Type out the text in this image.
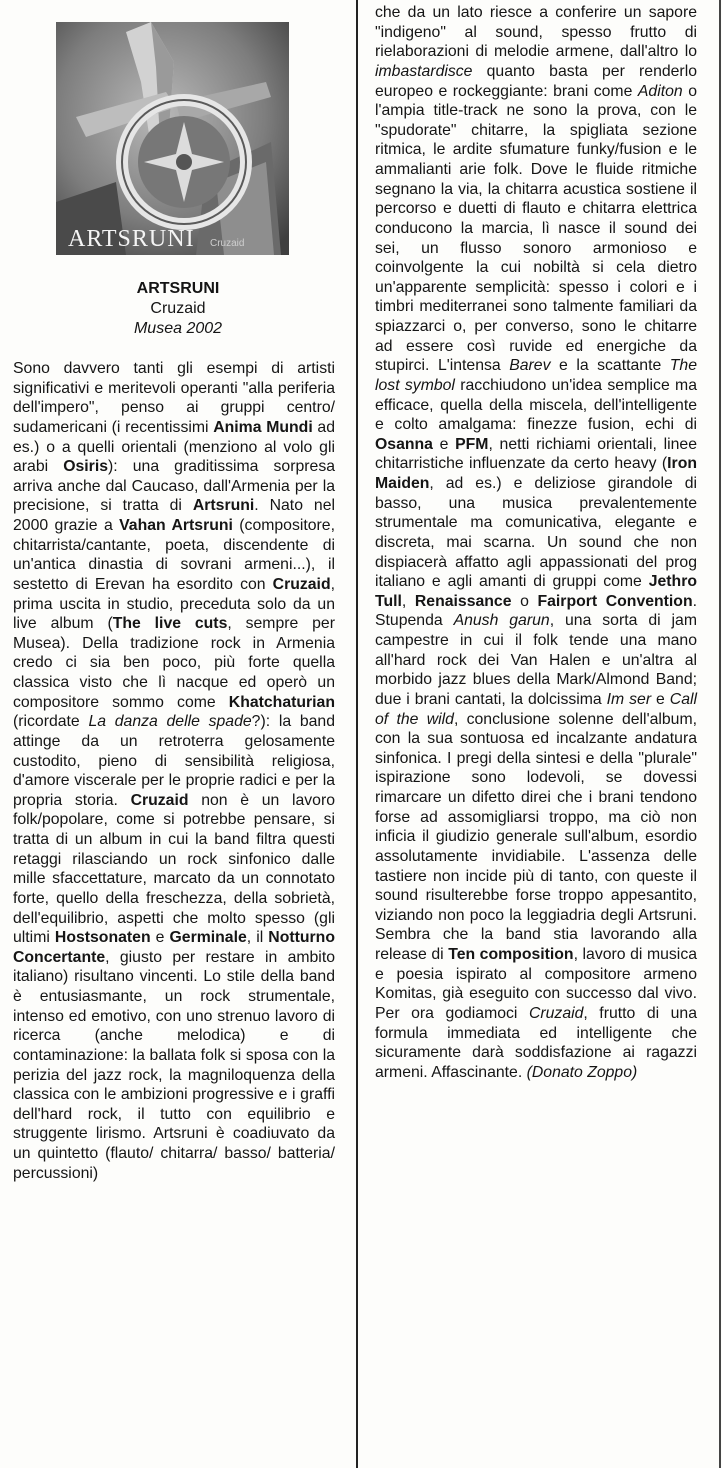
ARTSRUNI Cruzaid
ARTSRUNI
Cruzaid
Musea 2002

Sono davvero tanti gli esempi di artisti significativi e meritevoli operanti "alla periferia dell'impero", penso ai gruppi centro/ sudamericani (i recentissimi Anima Mundi ad es.) o a quelli orientali (menziono al volo gli arabi Osiris): una graditissima sorpresa arriva anche dal Caucaso, dall'Armenia per la precisione, si tratta di Artsruni. Nato nel 2000 grazie a Vahan Artsruni (compositore, chitarrista/cantante, poeta, discendente di un'antica dinastia di sovrani armeni...), il sestetto di Erevan ha esordito con Cruzaid, prima uscita in studio, preceduta solo da un live album (The live cuts, sempre per Musea). Della tradizione rock in Armenia credo ci sia ben poco, più forte quella classica visto che lì nacque ed operò un compositore sommo come Khatchaturian (ricordate La danza delle spade?): la band attinge da un retroterra gelosamente custodito, pieno di sensibilità religiosa, d'amore viscerale per le proprie radici e per la propria storia. Cruzaid non è un lavoro folk/popolare, come si potrebbe pensare, si tratta di un album in cui la band filtra questi retaggi rilasciando un rock sinfonico dalle mille sfaccettature, marcato da un connotato forte, quello della freschezza, della sobrietà, dell'equilibrio, aspetti che molto spesso (gli ultimi Hostsonaten e Germinale, il Notturno Concertante, giusto per restare in ambito italiano) risultano vincenti. Lo stile della band è entusiasmante, un rock strumentale, intenso ed emotivo, con uno strenuo lavoro di ricerca (anche melodica) e di contaminazione: la ballata folk si sposa con la perizia del jazz rock, la magniloquenza della classica con le ambizioni progressive e i graffi dell'hard rock, il tutto con equilibrio e struggente lirismo. Artsruni è coadiuvato da un quintetto (flauto/ chitarra/ basso/ batteria/ percussioni)

che da un lato riesce a conferire un sapore "indigeno" al sound, spesso frutto di rielaborazioni di melodie armene, dall'altro lo imbastardisce quanto basta per renderlo europeo e rockeggiante: brani come Aditon o l'ampia title-track ne sono la prova, con le "spudorate" chitarre, la spigliata sezione ritmica, le ardite sfumature funky/fusion e le ammalianti arie folk. Dove le fluide ritmiche segnano la via, la chitarra acustica sostiene il percorso e duetti di flauto e chitarra elettrica conducono la marcia, lì nasce il sound dei sei, un flusso sonoro armonioso e coinvolgente la cui nobiltà si cela dietro un'apparente semplicità: spesso i colori e i timbri mediterranei sono talmente familiari da spiazzarci o, per converso, sono le chitarre ad essere così ruvide ed energiche da stupirci. L'intensa Barev e la scattante The lost symbol racchiudono un'idea semplice ma efficace, quella della miscela, dell'intelligente e colto amalgama: finezze fusion, echi di Osanna e PFM, netti richiami orientali, linee chitarristiche influenzate da certo heavy (Iron Maiden, ad es.) e deliziose girandole di basso, una musica prevalentemente strumentale ma comunicativa, elegante e discreta, mai scarna. Un sound che non dispiacerà affatto agli appassionati del prog italiano e agli amanti di gruppi come Jethro Tull, Renaissance o Fairport Convention. Stupenda Anush garun, una sorta di jam campestre in cui il folk tende una mano all'hard rock dei Van Halen e un'altra al morbido jazz blues della Mark/Almond Band; due i brani cantati, la dolcissima Im ser e Call of the wild, conclusione solenne dell'album, con la sua sontuosa ed incalzante andatura sinfonica. I pregi della sintesi e della "plurale" ispirazione sono lodevoli, se dovessi rimarcare un difetto direi che i brani tendono forse ad assomigliarsi troppo, ma ciò non inficia il giudizio generale sull'album, esordio assolutamente invidiabile. L'assenza delle tastiere non incide più di tanto, con queste il sound risulterebbe forse troppo appesantito, viziando non poco la leggiadria degli Artsruni. Sembra che la band stia lavorando alla release di Ten composition, lavoro di musica e poesia ispirato al compositore armeno Komitas, già eseguito con successo dal vivo. Per ora godiamoci Cruzaid, frutto di una formula immediata ed intelligente che sicuramente darà soddisfazione ai ragazzi armeni. Affascinante. (Donato Zoppo)
